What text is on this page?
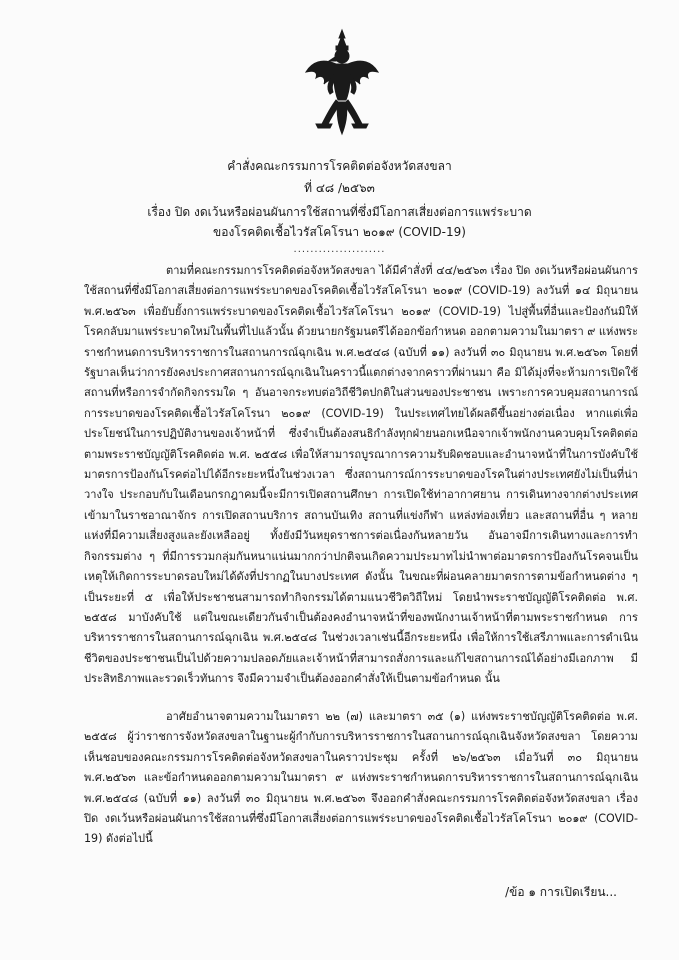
คำสั่งคณะกรรมการโรคติดต่อจังหวัดสงขลา
ที่ ๔๘ /๒๕๖๓
เรื่อง ปิด งดเว้นหรือผ่อนผันการใช้สถานที่ซึ่งมีโอกาสเสี่ยงต่อการแพร่ระบาด
ของโรคติดเชื้อไวรัสโคโรนา ๒๐๑๙ (COVID-19)
......................
ตามที่คณะกรรมการโรคติดต่อจังหวัดสงขลา ได้มีคำสั่งที่ ๔๔/๒๕๖๓ เรื่อง ปิด งดเว้นหรือผ่อนผันการใช้สถานที่ซึ่งมีโอกาสเสี่ยงต่อการแพร่ระบาดของโรคติดเชื้อไวรัสโคโรนา ๒๐๑๙ (COVID-19) ลงวันที่ ๑๔ มิถุนายน พ.ศ.๒๕๖๓ เพื่อยับยั้งการแพร่ระบาดของโรคติดเชื้อไวรัสโคโรนา ๒๐๑๙ (COVID-19) ไปสู่พื้นที่อื่นและป้องกันมิให้โรคกลับมาแพร่ระบาดใหม่ในพื้นที่ไปแล้วนั้น ด้วยนายกรัฐมนตรีได้ออกข้อกำหนด ออกตามความในมาตรา ๙ แห่งพระราชกำหนดการบริหารราชการในสถานการณ์ฉุกเฉิน พ.ศ.๒๕๔๘ (ฉบับที่ ๑๑) ลงวันที่ ๓๐ มิถุนายน พ.ศ.๒๕๖๓ โดยที่รัฐบาลเห็นว่าการยังคงประกาศสถานการณ์ฉุกเฉินในคราวนี้แตกต่างจากคราวที่ผ่านมา คือ มิได้มุ่งที่จะห้ามการเปิดใช้สถานที่หรือการจำกัดกิจกรรมใด ๆ อันอาจกระทบต่อวิถีชีวิตปกติในส่วนของประชาชน เพราะการควบคุมสถานการณ์การระบาดของโรคติดเชื้อไวรัสโคโรนา ๒๐๑๙ (COVID-19) ในประเทศไทยได้ผลดีขึ้นอย่างต่อเนื่อง หากแต่เพื่อประโยชน์ในการปฏิบัติงานของเจ้าหน้าที่ ซึ่งจำเป็นต้องสนธิกำลังทุกฝ่ายนอกเหนือจากเจ้าพนักงานควบคุมโรคติดต่อตามพระราชบัญญัติโรคติดต่อ พ.ศ. ๒๕๕๘ เพื่อให้สามารถบูรณาการความรับผิดชอบและอำนาจหน้าที่ในการบังคับใช้มาตรการป้องกันโรคต่อไปได้อีกระยะหนึ่งในช่วงเวลา ซึ่งสถานการณ์การระบาดของโรคในต่างประเทศยังไม่เป็นที่น่าวางใจ ประกอบกับในเดือนกรกฎาคมนี้จะมีการเปิดสถานศึกษา การเปิดใช้ท่าอากาศยาน การเดินทางจากต่างประเทศเข้ามาในราชอาณาจักร การเปิดสถานบริการ สถานบันเทิง สถานที่แข่งกีฬา แหล่งท่องเที่ยว และสถานที่อื่น ๆ หลายแห่งที่มีความเสี่ยงสูงและยังเหลืออยู่ ทั้งยังมีวันหยุดราชการต่อเนื่องกันหลายวัน อันอาจมีการเดินทางและการทำกิจกรรมต่าง ๆ ที่มีการรวมกลุ่มกันหนาแน่นมากกว่าปกติจนเกิดความประมาทไม่นำพาต่อมาตรการป้องกันโรคจนเป็นเหตุให้เกิดการระบาดรอบใหม่ได้ดังที่ปรากฏในบางประเทศ ดังนั้น ในขณะที่ผ่อนคลายมาตรการตามข้อกำหนดต่าง ๆ เป็นระยะที่ ๕ เพื่อให้ประชาชนสามารถทำกิจกรรมได้ตามแนวชีวิตวิถีใหม่ โดยนำพระราชบัญญัติโรคติดต่อ พ.ศ. ๒๕๕๘ มาบังคับใช้ แต่ในขณะเดียวกันจำเป็นต้องคงอำนาจหน้าที่ของพนักงานเจ้าหน้าที่ตามพระราชกำหนด การบริหารราชการในสถานการณ์ฉุกเฉิน พ.ศ.๒๕๔๘ ในช่วงเวลาเช่นนี้อีกระยะหนึ่ง เพื่อให้การใช้เสรีภาพและการดำเนินชีวิตของประชาชนเป็นไปด้วยความปลอดภัยและเจ้าหน้าที่สามารถสั่งการและแก้ไขสถานการณ์ได้อย่างมีเอกภาพ มีประสิทธิภาพและรวดเร็วทันการ จึงมีความจำเป็นต้องออกคำสั่งให้เป็นตามข้อกำหนด นั้น
อาศัยอำนาจตามความในมาตรา ๒๒ (๗) และมาตรา ๓๕ (๑) แห่งพระราชบัญญัติโรคติดต่อ พ.ศ. ๒๕๕๘ ผู้ว่าราชการจังหวัดสงขลาในฐานะผู้กำกับการบริหารราชการในสถานการณ์ฉุกเฉินจังหวัดสงขลา โดยความเห็นชอบของคณะกรรมการโรคติดต่อจังหวัดสงขลาในคราวประชุม ครั้งที่ ๒๖/๒๕๖๓ เมื่อวันที่ ๓๐ มิถุนายน พ.ศ.๒๕๖๓ และข้อกำหนดออกตามความในมาตรา ๙ แห่งพระราชกำหนดการบริหารราชการในสถานการณ์ฉุกเฉิน พ.ศ.๒๕๔๘ (ฉบับที่ ๑๑) ลงวันที่ ๓๐ มิถุนายน พ.ศ.๒๕๖๓ จึงออกคำสั่งคณะกรรมการโรคติดต่อจังหวัดสงขลา เรื่อง ปิด งดเว้นหรือผ่อนผันการใช้สถานที่ซึ่งมีโอกาสเสี่ยงต่อการแพร่ระบาดของโรคติดเชื้อไวรัสโคโรนา ๒๐๑๙ (COVID-19) ดังต่อไปนี้
/ข้อ ๑ การเปิดเรียน...
